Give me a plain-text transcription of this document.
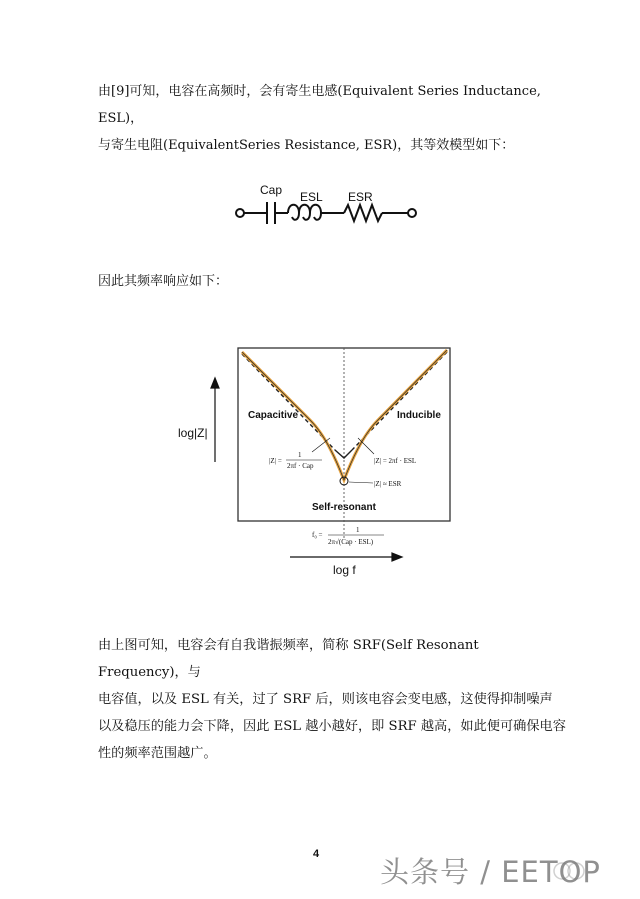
由[9]可知，电容在高频时，会有寄生电感(Equivalent Series Inductance, ESL)，
与寄生电阻(EquivalentSeries Resistance, ESR)，其等效模型如下：
Cap ESL ESR
因此其频率响应如下：
log|Z|
Capacitive	Inducible
Self-resonant
|Z| =
1
2πf · Cap
|Z| = 2πf · ESL
|Z| ≈ ESR
f₀ =
1
2π√(Cap · ESL)
log f
由上图可知，电容会有自我谐振频率，简称 SRF(Self Resonant Frequency)，与
电容值，以及 ESL 有关，过了 SRF 后，则该电容会变电感，这使得抑制噪声
以及稳压的能力会下降，因此 ESL 越小越好，即 SRF 越高，如此便可确保电容
性的频率范围越广。
4
头条号 / EETOP
